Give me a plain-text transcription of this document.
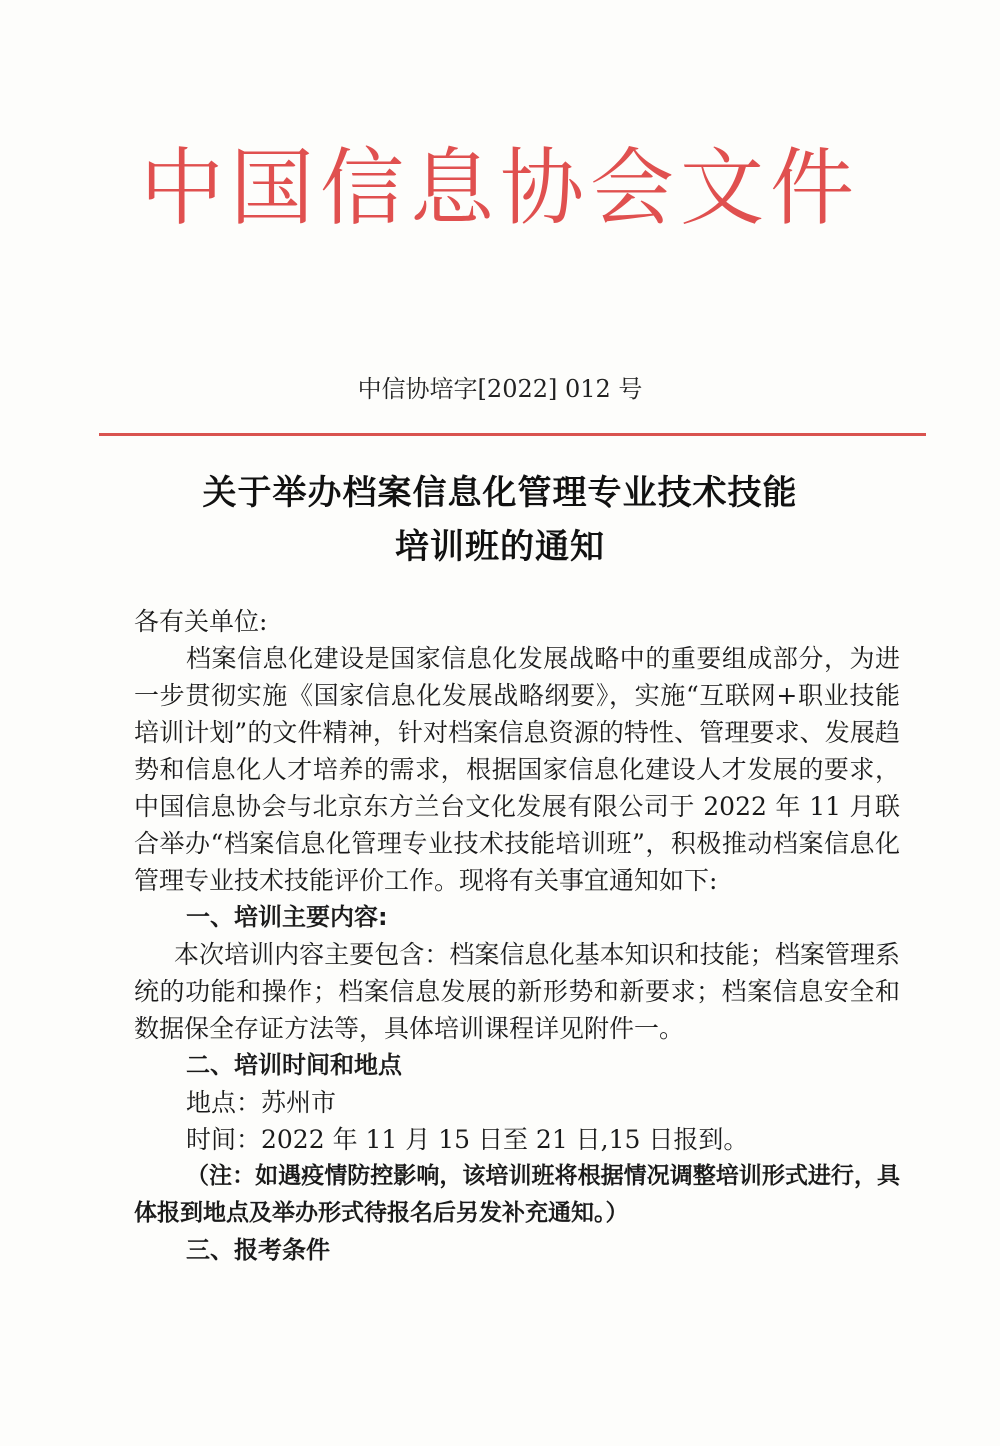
中国信息协会文件
中信协培字[2022] 012 号
关于举办档案信息化管理专业技术技能
培训班的通知

各有关单位:

档案信息化建设是国家信息化发展战略中的重要组成部分，为进一步贯彻实施《国家信息化发展战略纲要》，实施“互联网+职业技能培训计划”的文件精神，针对档案信息资源的特性、管理要求、发展趋势和信息化人才培养的需求，根据国家信息化建设人才发展的要求，中国信息协会与北京东方兰台文化发展有限公司于 2022 年 11 月联合举办“档案信息化管理专业技术技能培训班”，积极推动档案信息化管理专业技术技能评价工作。现将有关事宜通知如下:

一、培训主要内容:

本次培训内容主要包含：档案信息化基本知识和技能；档案管理系统的功能和操作；档案信息发展的新形势和新要求；档案信息安全和数据保全存证方法等，具体培训课程详见附件一。

二、培训时间和地点

地点：苏州市

时间：2022 年 11 月 15 日至 21 日,15 日报到。

（注：如遇疫情防控影响，该培训班将根据情况调整培训形式进行，具体报到地点及举办形式待报名后另发补充通知。）

三、报考条件
